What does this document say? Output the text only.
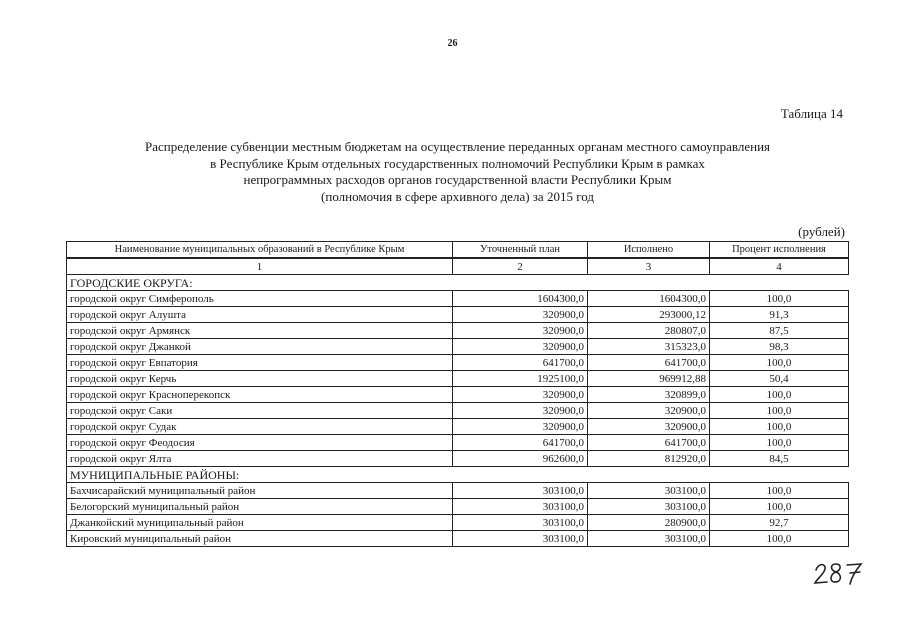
26
Таблица 14
Распределение субвенции местным бюджетам на осуществление переданных органам местного самоуправления
в Республике Крым отдельных государственных полномочий Республики Крым в рамках
непрограммных расходов органов государственной власти Республики Крым
(полномочия в сфере архивного дела) за 2015 год
(рублей)
Наименование муниципальных образований в Республике Крым	Уточненный план	Исполнено	Процент исполнения
1	2	3	4
ГОРОДСКИЕ ОКРУГА:			
городской округ Симферополь	1604300,0	1604300,0	100,0
городской округ Алушта	320900,0	293000,12	91,3
городской округ Армянск	320900,0	280807,0	87,5
городской округ Джанкой	320900,0	315323,0	98,3
городской округ Евпатория	641700,0	641700,0	100,0
городской округ Керчь	1925100,0	969912,88	50,4
городской округ Красноперекопск	320900,0	320899,0	100,0
городской округ Саки	320900,0	320900,0	100,0
городской округ Судак	320900,0	320900,0	100,0
городской округ Феодосия	641700,0	641700,0	100,0
городской округ Ялта	962600,0	812920,0	84,5
МУНИЦИПАЛЬНЫЕ РАЙОНЫ:			
Бахчисарайский муниципальный район	303100,0	303100,0	100,0
Белогорский муниципальный район	303100,0	303100,0	100,0
Джанкойский муниципальный район	303100,0	280900,0	92,7
Кировский муниципальный район	303100,0	303100,0	100,0
